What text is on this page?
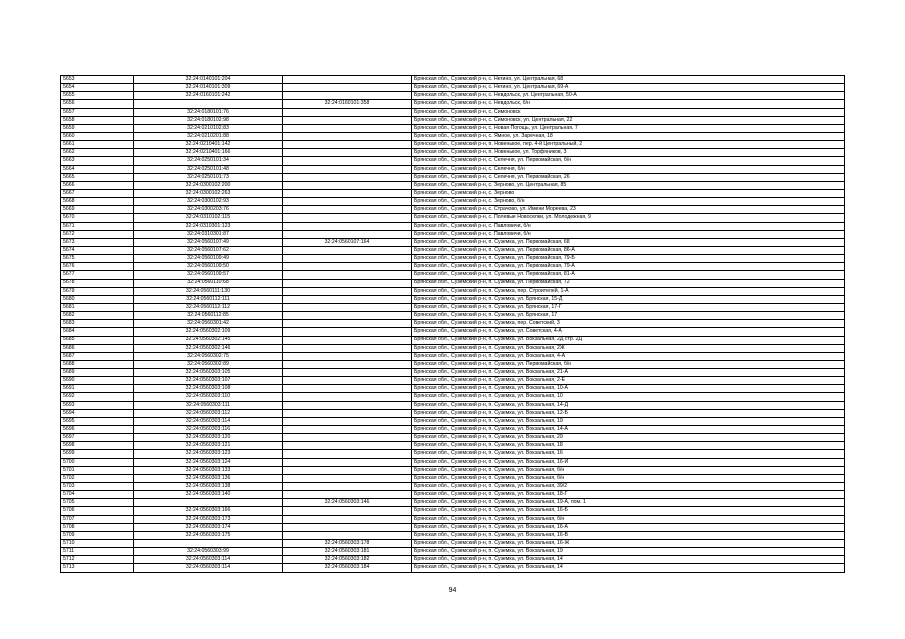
5653	32:24:0140101:204		Брянская обл., Суземский р-н, с. Негино, ул. Центральная, 68
5654	32:24:0140101:309		Брянская обл., Суземский р-н, с. Негино, ул. Центральная, 69-А
5655	32:24:0160101:242		Брянская обл., Суземский р-н, с. Невдольск, ул. Центральная, 50-А
5656		32:24:0160101:358	Брянская обл., Суземский р-н, с. Невдольск, б/н
5657	32:24:0180101:76		Брянская обл., Суземский р-н, с. Симоновск
5658	32:24:0180102:98		Брянская обл., Суземский р-н, с. Симоновск, ул. Центральная, 22
5659	32:24:0210102:83		Брянская обл., Суземский р-н, с. Новая Погощь, ул. Центральная, 7
5660	32:24:0210201:88		Брянская обл., Суземский р-н, с. Ямное, ул. Заречная, 18
5661	32:24:0210401:142		Брянская обл., Суземский р-н, п. Новенькое, пер. 4-й Центральный, 2
5662	32:24:0210401:166		Брянская обл., Суземский р-н, п. Новенькое, ул. Торфяников, 3
5663	32:24:0250101:34		Брянская обл., Суземский р-н, с. Селечня, ул. Первомайская, б/н
5664	32:24:0250101:48		Брянская обл., Суземский р-н, с. Селечня, б/н
5665	32:24:0250101:73		Брянская обл., Суземский р-н, с. Селечня, ул. Первомайская, 26
5666	32:24:0300102:200		Брянская обл., Суземский р-н, с. Зерново, ул. Центральная, 85
5667	32:24:0300102:263		Брянская обл., Суземский р-н, с. Зерново
5668	32:24:0300102:93		Брянская обл., Суземский р-н, с. Зерново, б/н
5669	32:24:0300203:76		Брянская обл., Суземский р-н, с. Страчово, ул. Имени Мореева, 23
5670	32:24:0310102:115		Брянская обл., Суземский р-н, с. Полевые Новоселки, ул. Молодежная, 9
5671	32:24:0310301:123		Брянская обл., Суземский р-н, с. Павловичи, б/н
5672	32:24:0310301:87		Брянская обл., Суземский р-н, с. Павловичи, б/н
5673	32:24:0560107:49	32:24:0560107:164	Брянская обл., Суземский р-н, п. Суземка, ул. Первомайская, 68
5674	32:24:0560107:62		Брянская обл., Суземский р-н, п. Суземка, ул. Первомайская, 86-А
5675	32:24:0560109:49		Брянская обл., Суземский р-н, п. Суземка, ул. Первомайская, 79-Б
5676	32:24:0560109:50		Брянская обл., Суземский р-н, п. Суземка, ул. Первомайская, 79-А
5677	32:24:0560109:57		Брянская обл., Суземский р-н, п. Суземка, ул. Первомайская, 81-А
5678	32:24:0560110:68		Брянская обл., Суземский р-н, п. Суземка, ул. Первомайская, 72
5679	32:24:0560111:130		Брянская обл., Суземский р-н, п. Суземка, пер. Строителей, 1-А
5680	32:24:0560112:111		Брянская обл., Суземский р-н, п. Суземка, ул. Брянская, 15-Д
5681	32:24:0560112:112		Брянская обл., Суземский р-н, п. Суземка, ул. Брянская, 17-Г
5682	32:24:0560112:85		Брянская обл., Суземский р-н, п. Суземка, ул. Брянская, 17
5683	32:24:0560301:42		Брянская обл., Суземский р-н, п. Суземка, пер. Советский, 3
5684	32:24:0560302:109		Брянская обл., Суземский р-н, п. Суземка, ул. Советская, 4-А
5685	32:24:0560302:145		Брянская обл., Суземский р-н, п. Суземка, ул. Вокзальная, 2Д стр. 2Д
5686	32:24:0560302:146		Брянская обл., Суземский р-н, п. Суземка, ул. Вокзальная, 2Ж
5687	32:24:0560302:75		Брянская обл., Суземский р-н, п. Суземка, ул. Вокзальная, 4-А
5688	32:24:0560302:89		Брянская обл., Суземский р-н, п. Суземка, ул. Первомайская, б/н
5689	32:24:0560303:105		Брянская обл., Суземский р-н, п. Суземка, ул. Вокзальная, 21-А
5690	32:24:0560303:107		Брянская обл., Суземский р-н, п. Суземка, ул. Вокзальная, 2-Е
5691	32:24:0560303:108		Брянская обл., Суземский р-н, п. Суземка, ул. Вокзальная, 10-А
5692	32:24:0560303:110		Брянская обл., Суземский р-н, п. Суземка, ул. Вокзальная, 10
5693	32:24:0560303:111		Брянская обл., Суземский р-н, п. Суземка, ул. Вокзальная, 14-Д
5694	32:24:0560303:112		Брянская обл., Суземский р-н, п. Суземка, ул. Вокзальная, 12-Б
5695	32:24:0560303:114		Брянская обл., Суземский р-н, п. Суземка, ул. Вокзальная, 19
5696	32:24:0560303:116		Брянская обл., Суземский р-н, п. Суземка, ул. Вокзальная, 14-А
5697	32:24:0560303:120		Брянская обл., Суземский р-н, п. Суземка, ул. Вокзальная, 29
5698	32:24:0560303:121		Брянская обл., Суземский р-н, п. Суземка, ул. Вокзальная, 18
5699	32:24:0560303:123		Брянская обл., Суземский р-н, п. Суземка, ул. Вокзальная, 16
5700	32:24:0560303:124		Брянская обл., Суземский р-н, п. Суземка, ул. Вокзальная, 16-И
5701	32:24:0560303:133		Брянская обл., Суземский р-н, п. Суземка, ул. Вокзальная, б/н
5702	32:24:0560303:136		Брянская обл., Суземский р-н, п. Суземка, ул. Вокзальная, б/н
5703	32:24:0560303:138		Брянская обл., Суземский р-н, п. Суземка, ул. Вокзальная, 39/2
5704	32:24:0560303:140		Брянская обл., Суземский р-н, п. Суземка, ул. Вокзальная, 18-Г
5705		32:24:0560303:146	Брянская обл., Суземский р-н, п. Суземка, ул. Вокзальная, 19-А, пом. 1
5706	32:24:0560303:166		Брянская обл., Суземский р-н, п. Суземка, ул. Вокзальная, 16-Б
5707	32:24:0560303:173		Брянская обл., Суземский р-н, п. Суземка, ул. Вокзальная, б/н
5708	32:24:0560303:174		Брянская обл., Суземский р-н, п. Суземка, ул. Вокзальная, 16-А
5709	32:24:0560303:175		Брянская обл., Суземский р-н, п. Суземка, ул. Вокзальная, 16-В
5710		32:24:0560303:178	Брянская обл., Суземский р-н, п. Суземка, ул. Вокзальная, 16-Ж
5711	32:24:0560303:99	32:24:0560303:181	Брянская обл., Суземский р-н, п. Суземка, ул. Вокзальная, 19
5712	32:24:0560303:114	32:24:0560303:182	Брянская обл., Суземский р-н, п. Суземка, ул. Вокзальная, 14
5713	32:24:0560303:114	32:24:0560303:184	Брянская обл., Суземский р-н, п. Суземка, ул. Вокзальная, 14
94
